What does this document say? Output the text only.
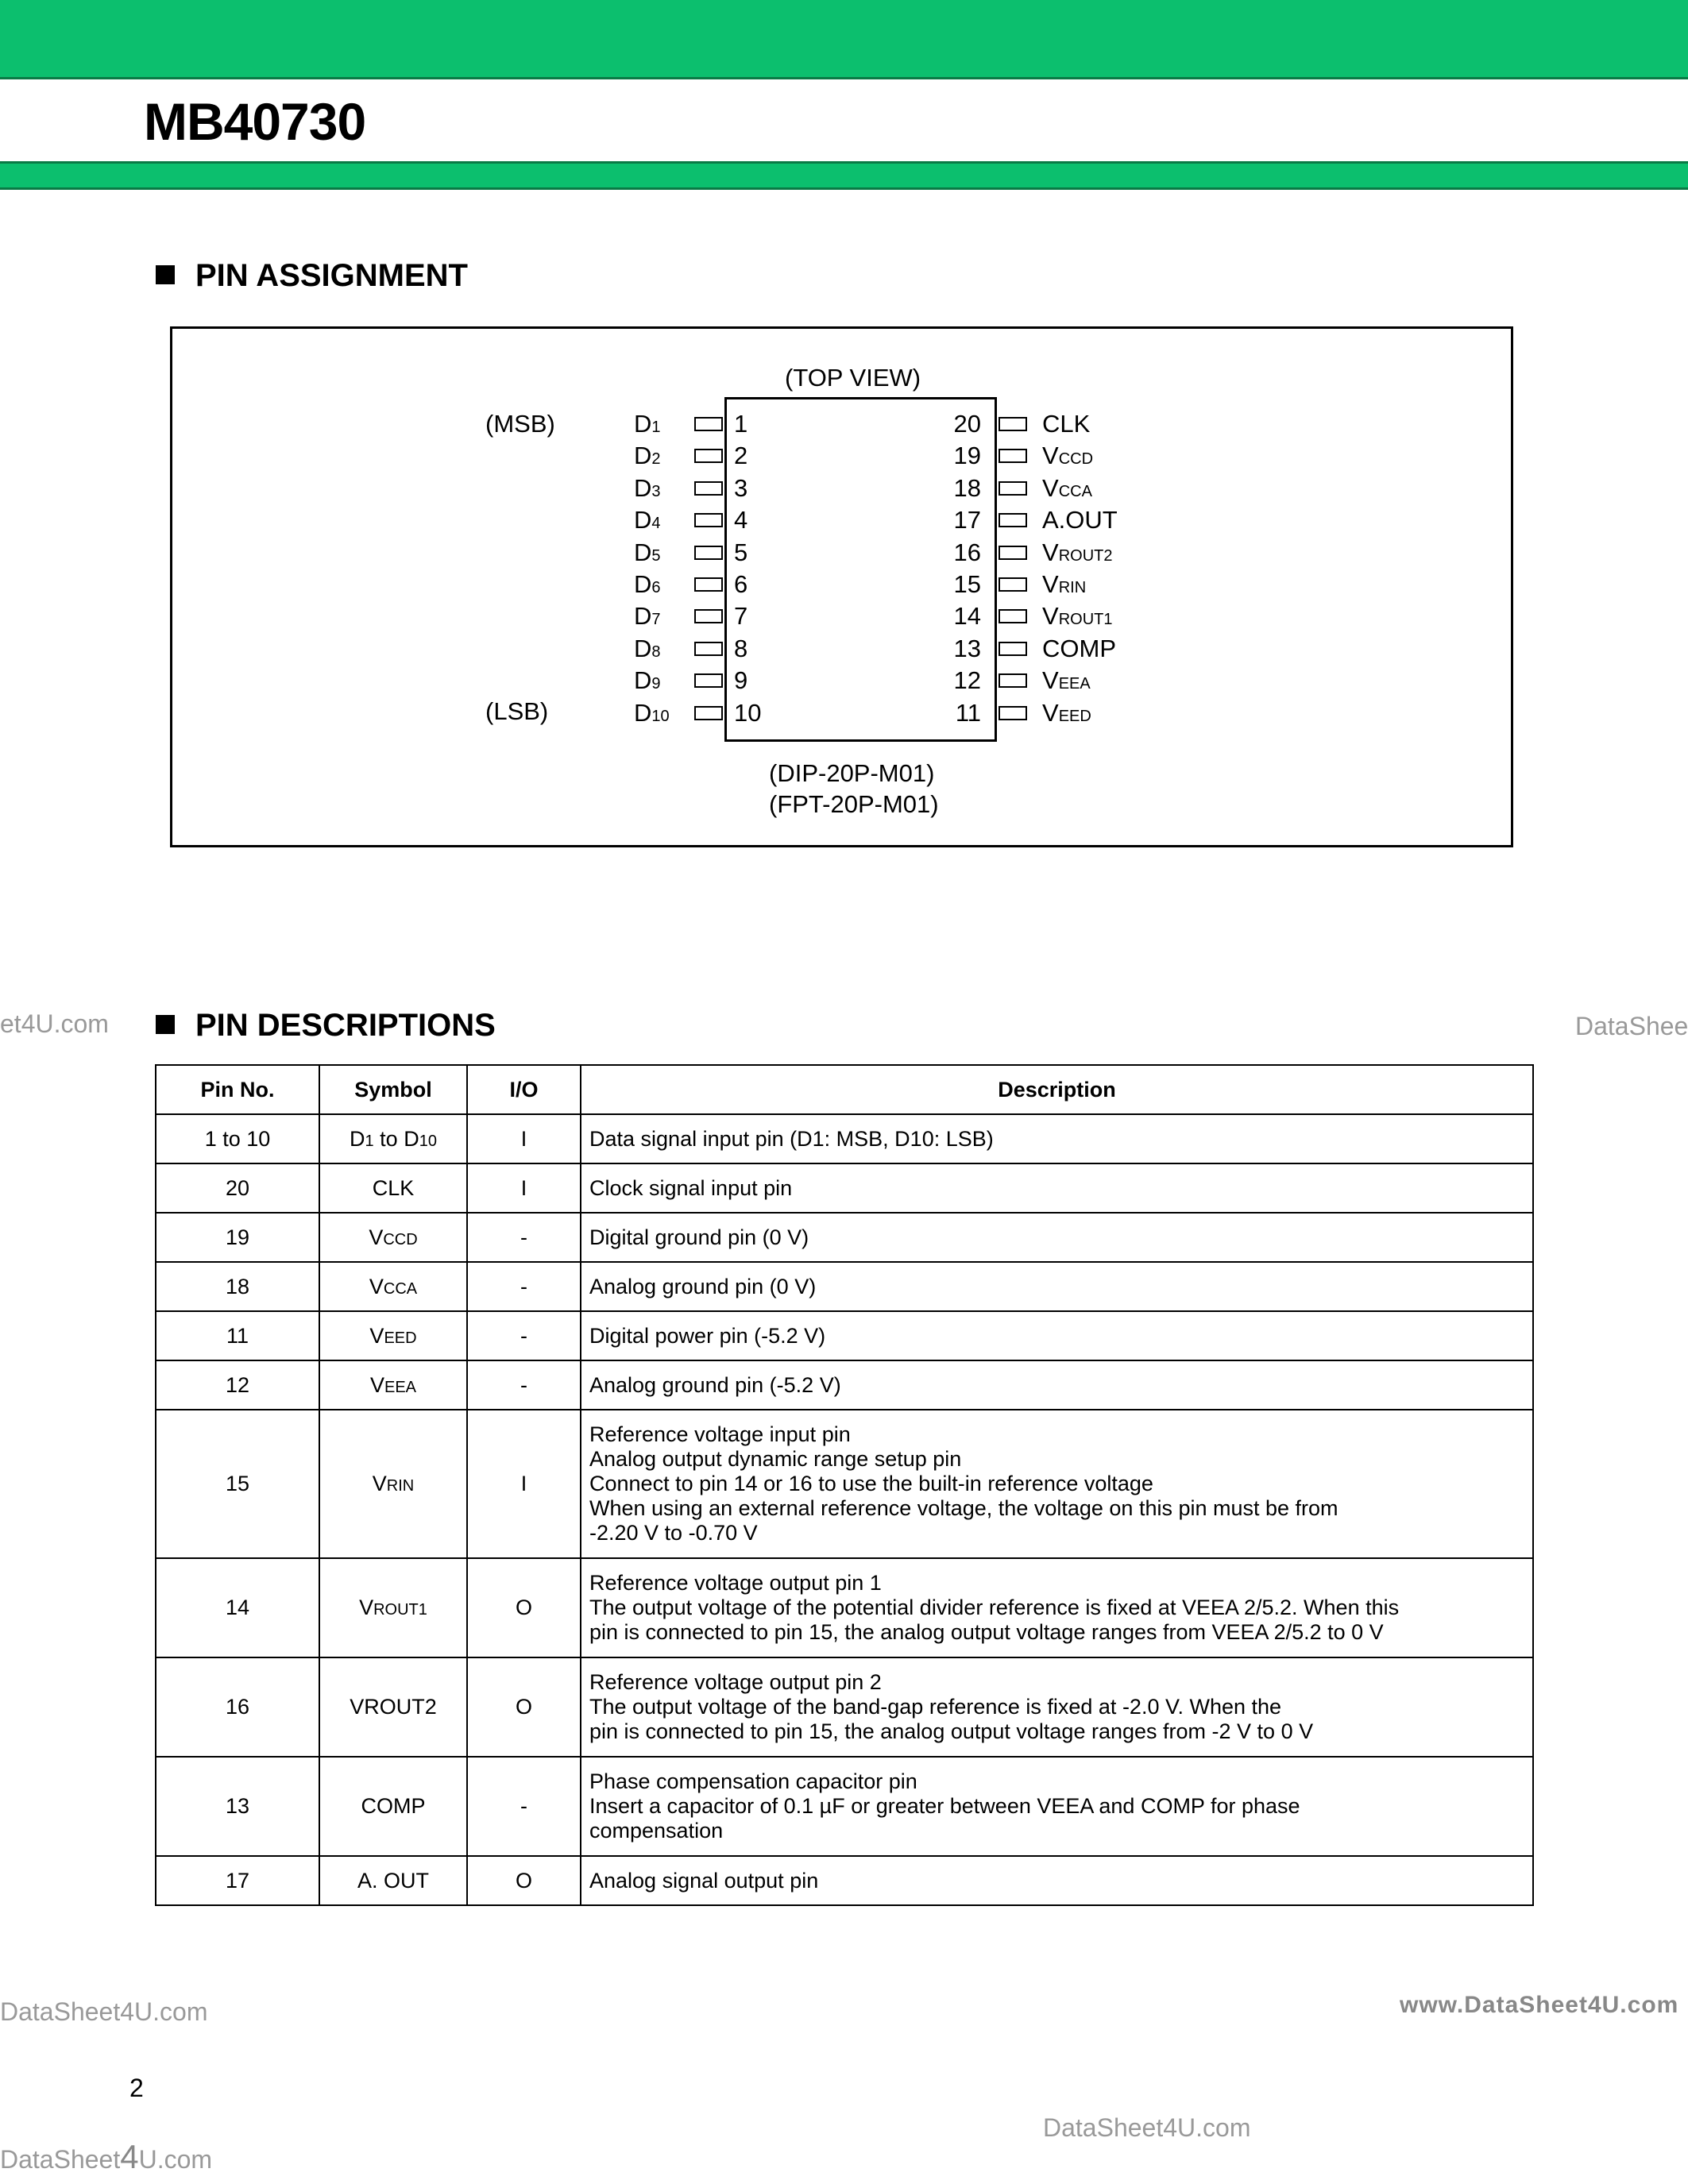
MB40730
PIN ASSIGNMENT
(TOP VIEW)
(MSB)
(LSB)
D1	1
D2	2
D3	3
D4	4
D5	5
D6	6
D7	7
D8	8
D9	9
D10	10
20 CLK
19 VCCD
18 VCCA
17 A.OUT
16 VROUT2
15 VRIN
14 VROUT1
13 COMP
12 VEEA
11 VEED
(DIP-20P-M01)
(FPT-20P-M01)
PIN DESCRIPTIONS
Pin No.	Symbol	I/O	Description
1 to 10	D1 to D10	I	Data signal input pin (D1: MSB, D10: LSB)

20	CLK	I	Clock signal input pin

19	VCCD	-	Digital ground pin (0 V)

18	VCCA	-	Analog ground pin (0 V)

11	VEED	-	Digital power pin (-5.2 V)

12	VEEA	-	Analog ground pin (-5.2 V)

15	VRIN	I	Reference voltage input pin
Analog output dynamic range setup pin
Connect to pin 14 or 16 to use the built-in reference voltage
When using an external reference voltage, the voltage on this pin must be from
-2.20 V to -0.70 V

14	VROUT1	O	Reference voltage output pin 1
The output voltage of the potential divider reference is fixed at VEEA 2/5.2. When this
pin is connected to pin 15, the analog output voltage ranges from VEEA 2/5.2 to 0 V

16	VROUT2	O	Reference voltage output pin 2
The output voltage of the band-gap reference is fixed at -2.0 V. When the
pin is connected to pin 15, the analog output voltage ranges from -2 V to 0 V

13	COMP	-	Phase compensation capacitor pin
Insert a capacitor of 0.1 µF or greater between VEEA and COMP for phase
compensation

17	A. OUT	O	Analog signal output pin
et4U.com	DataShee
DataSheet4U.com	www.DataSheet4U.com
2
DataSheet4U.com
DataSheet4U.com
